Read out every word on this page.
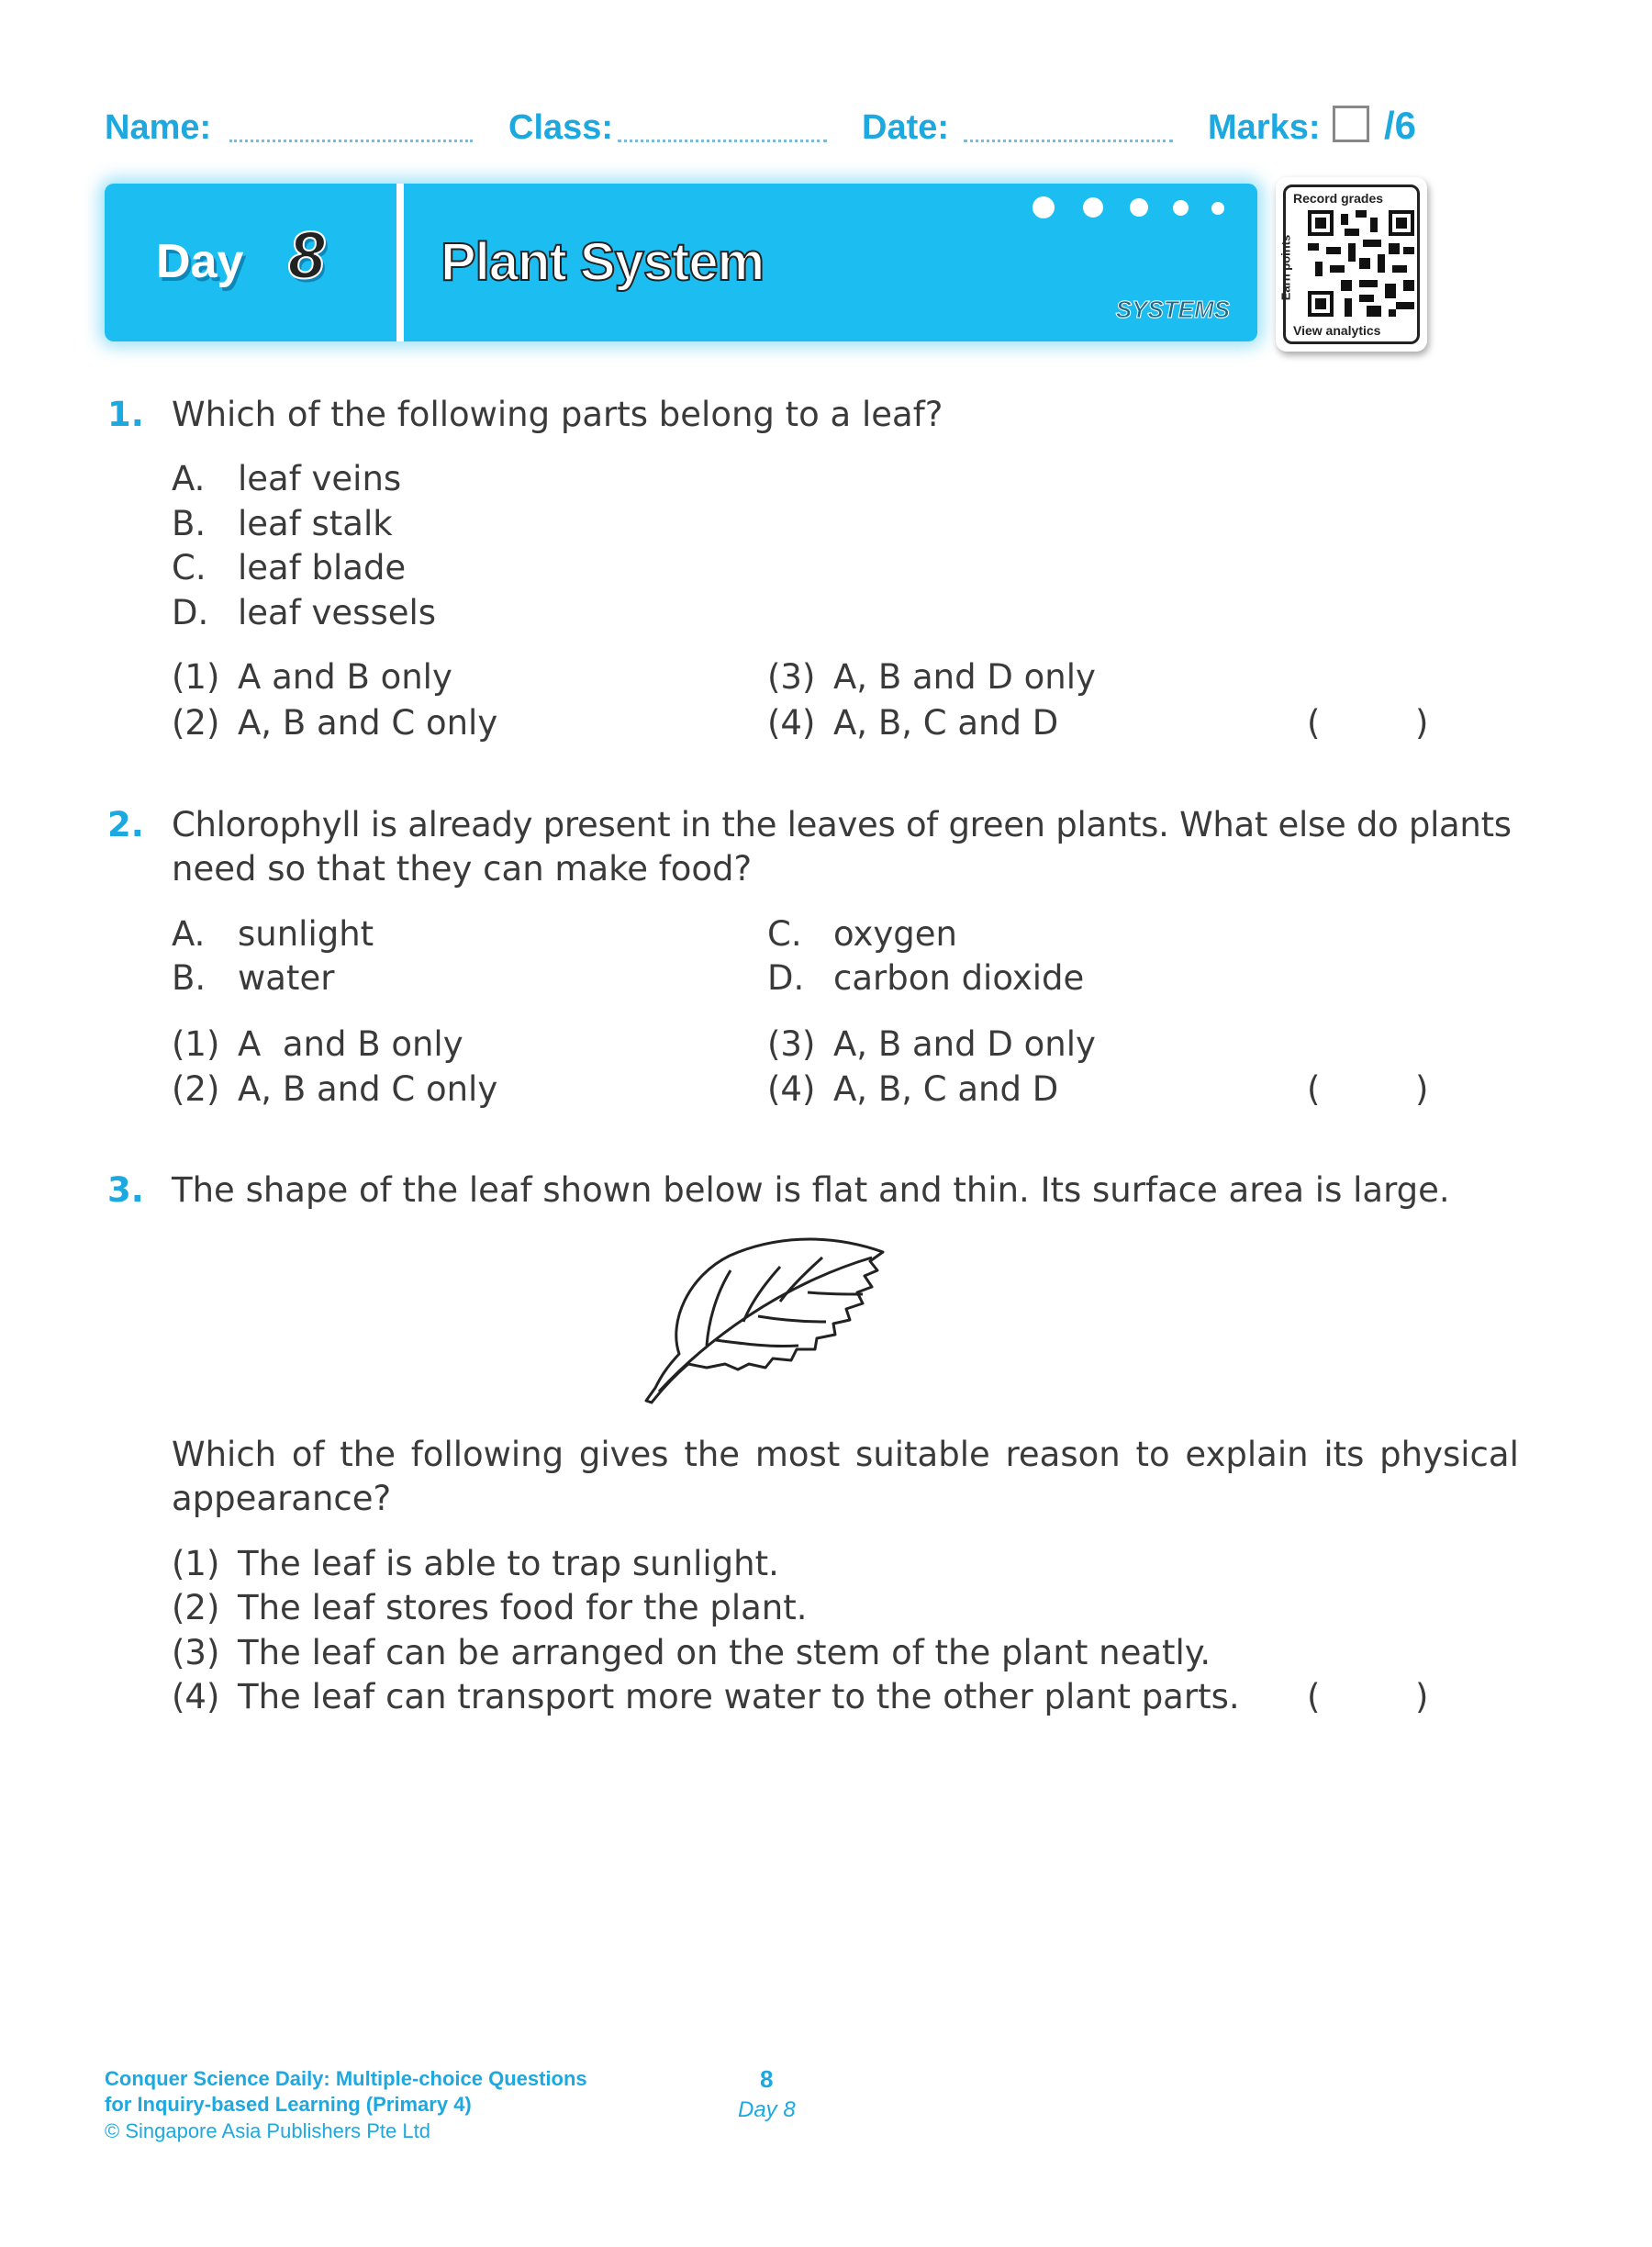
Name:	Class:	Date:	Marks: /6
Day 8 Plant System
SYSTEMS
Record grades
Earn points
View analytics
1. Which of the following parts belong to a leaf?
A. leaf veins
B. leaf stalk
C. leaf blade
D. leaf vessels
(1) A and B only
(2) A, B and C only
(3) A, B and D only
(4) A, B, C and D	(	)
2. Chlorophyll is already present in the leaves of green plants. What else do plants
need so that they can make food?
A. sunlight
B. water
C. oxygen
D. carbon dioxide
(1) A  and B only
(2) A, B and C only
(3) A, B and D only
(4) A, B, C and D	(	)
3. The shape of the leaf shown below is flat and thin. Its surface area is large.
Which of the following gives the most suitable reason to explain its physical
appearance?
(1) The leaf is able to trap sunlight.
(2) The leaf stores food for the plant.
(3) The leaf can be arranged on the stem of the plant neatly.
(4) The leaf can transport more water to the other plant parts. (	)
Conquer Science Daily: Multiple-choice Questions
for Inquiry-based Learning (Primary 4)
© Singapore Asia Publishers Pte Ltd
8
Day 8
